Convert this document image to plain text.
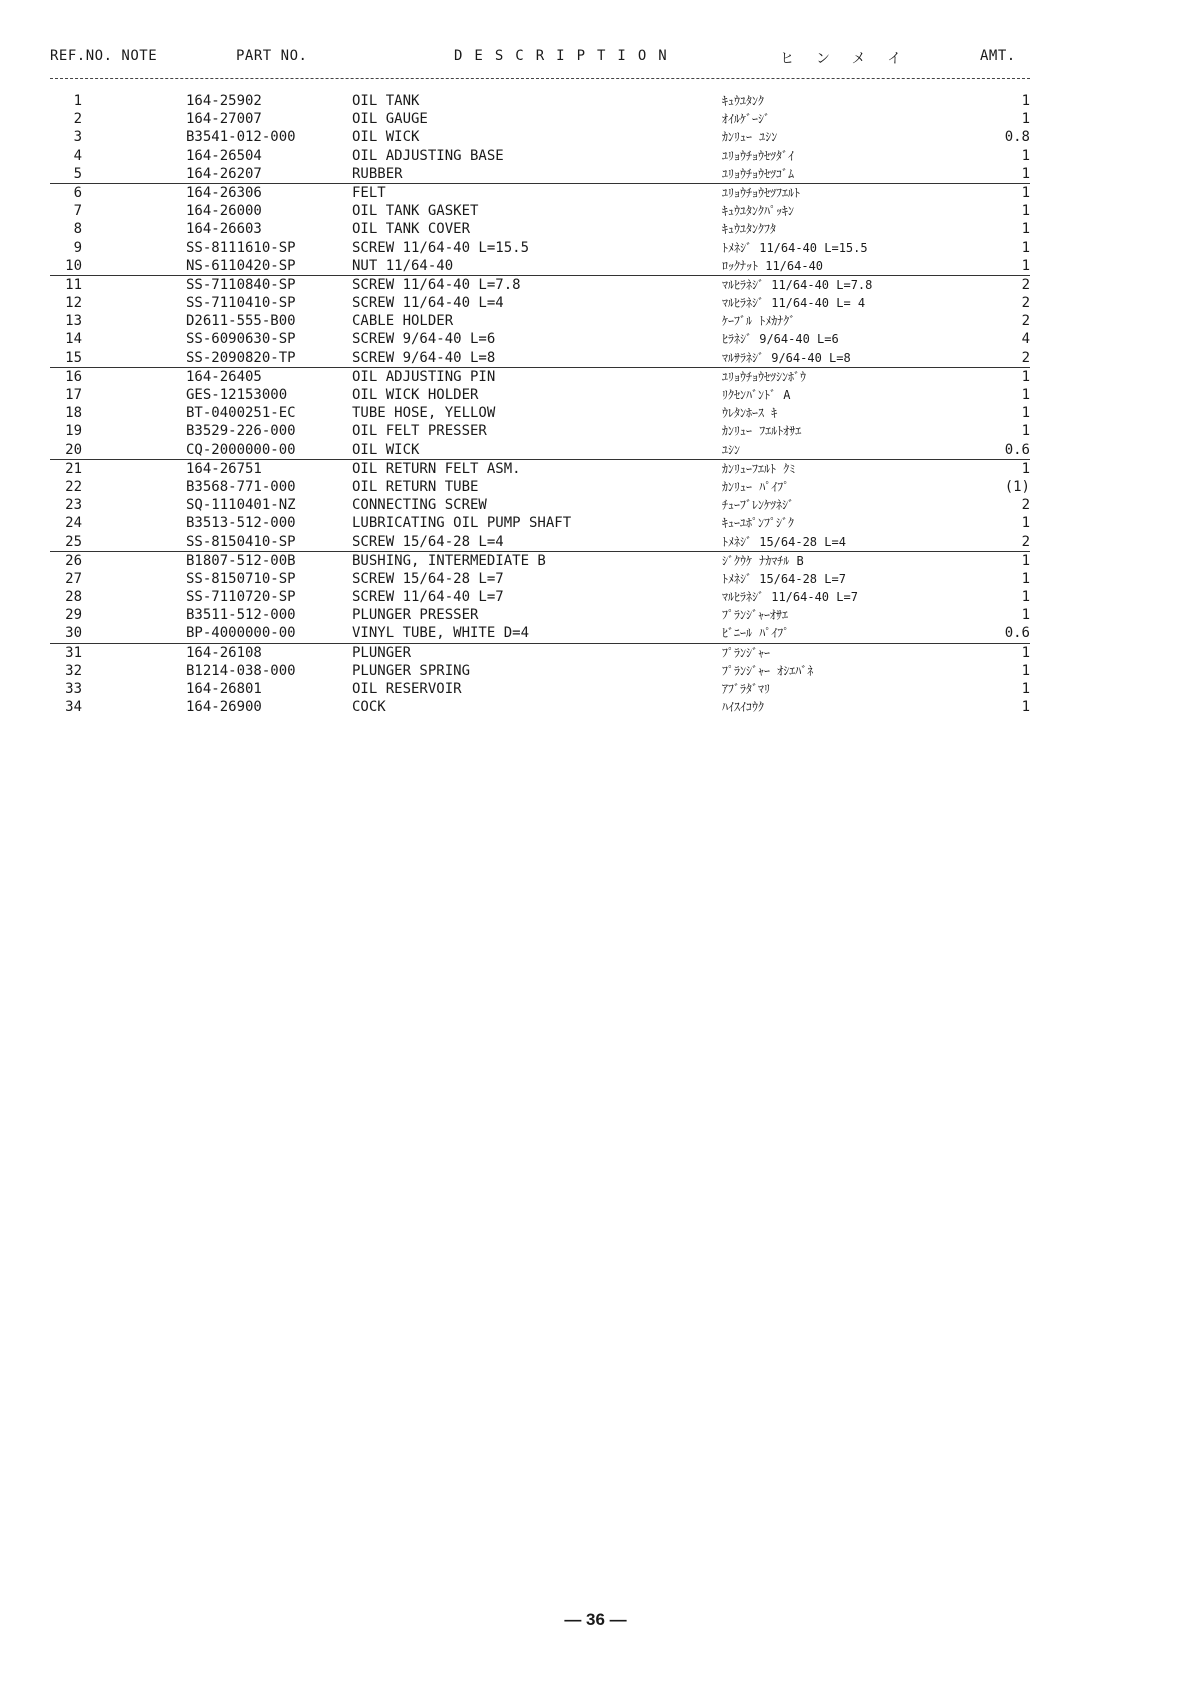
REF.NO. NOTE	PART NO.	DESCRIPTION	ヒンメイ	AMT.
1	164-25902	OIL TANK	ｷｭｳﾕﾀﾝｸ	1
2	164-27007	OIL GAUGE	ｵｲﾙｹﾞｰｼﾞ	1
3	B3541-012-000	OIL WICK	ｶﾝﾘｭｰ ﾕｼﾝ	0.8
4	164-26504	OIL ADJUSTING BASE	ﾕﾘｮｳﾁｮｳｾﾂﾀﾞｲ	1
5	164-26207	RUBBER	ﾕﾘｮｳﾁｮｳｾﾂｺﾞﾑ	1
6	164-26306	FELT	ﾕﾘｮｳﾁｮｳｾﾂﾌｴﾙﾄ	1
7	164-26000	OIL TANK GASKET	ｷｭｳﾕﾀﾝｸﾊﾟｯｷﾝ	1
8	164-26603	OIL TANK COVER	ｷｭｳﾕﾀﾝｸﾌﾀ	1
9	SS-8111610-SP	SCREW 11/64-40 L=15.5	ﾄﾒﾈｼﾞ 11/64-40 L=15.5	1
10	NS-6110420-SP	NUT 11/64-40	ﾛｯｸﾅｯﾄ 11/64-40	1
11	SS-7110840-SP	SCREW 11/64-40 L=7.8	ﾏﾙﾋﾗﾈｼﾞ 11/64-40 L=7.8	2
12	SS-7110410-SP	SCREW 11/64-40 L=4	ﾏﾙﾋﾗﾈｼﾞ 11/64-40 L= 4	2
13	D2611-555-B00	CABLE HOLDER	ｹｰﾌﾞﾙ ﾄﾒｶﾅｸﾞ	2
14	SS-6090630-SP	SCREW 9/64-40 L=6	ﾋﾗﾈｼﾞ 9/64-40 L=6	4
15	SS-2090820-TP	SCREW 9/64-40 L=8	ﾏﾙｻﾗﾈｼﾞ 9/64-40 L=8	2
16	164-26405	OIL ADJUSTING PIN	ﾕﾘｮｳﾁｮｳｾﾂｼﾝﾎﾞｳ	1
17	GES-12153000	OIL WICK HOLDER	ﾘｸｾﾝﾊﾞﾝﾄﾞ A	1
18	BT-0400251-EC	TUBE HOSE, YELLOW	ｳﾚﾀﾝﾎｰｽ ｷ	1
19	B3529-226-000	OIL FELT PRESSER	ｶﾝﾘｭｰ ﾌｴﾙﾄｵｻｴ	1
20	CQ-2000000-00	OIL WICK	ﾕｼﾝ	0.6
21	164-26751	OIL RETURN FELT ASM.	ｶﾝﾘｭｰﾌｴﾙﾄ ｸﾐ	1
22	B3568-771-000	OIL RETURN TUBE	ｶﾝﾘｭｰ ﾊﾟｲﾌﾟ	(1)
23	SQ-1110401-NZ	CONNECTING SCREW	ﾁｭｰﾌﾞﾚﾝｹﾂﾈｼﾞ	2
24	B3513-512-000	LUBRICATING OIL PUMP SHAFT	ｷｭｰﾕﾎﾟﾝﾌﾟｼﾞｸ	1
25	SS-8150410-SP	SCREW 15/64-28 L=4	ﾄﾒﾈｼﾞ 15/64-28 L=4	2
26	B1807-512-00B	BUSHING, INTERMEDIATE B	ｼﾞｸｳｹ ﾅｶﾏﾁﾙ B	1
27	SS-8150710-SP	SCREW 15/64-28 L=7	ﾄﾒﾈｼﾞ 15/64-28 L=7	1
28	SS-7110720-SP	SCREW 11/64-40 L=7	ﾏﾙﾋﾗﾈｼﾞ 11/64-40 L=7	1
29	B3511-512-000	PLUNGER PRESSER	ﾌﾟﾗﾝｼﾞｬｰｵｻｴ	1
30	BP-4000000-00	VINYL TUBE, WHITE D=4	ﾋﾞﾆｰﾙ ﾊﾟｲﾌﾟ	0.6
31	164-26108	PLUNGER	ﾌﾟﾗﾝｼﾞｬｰ	1
32	B1214-038-000	PLUNGER SPRING	ﾌﾟﾗﾝｼﾞｬｰ ｵｼｴﾊﾞﾈ	1
33	164-26801	OIL RESERVOIR	ｱﾌﾞﾗﾀﾞﾏﾘ	1
34	164-26900	COCK	ﾊｲｽｲｺｳｸ	1
— 36 —
